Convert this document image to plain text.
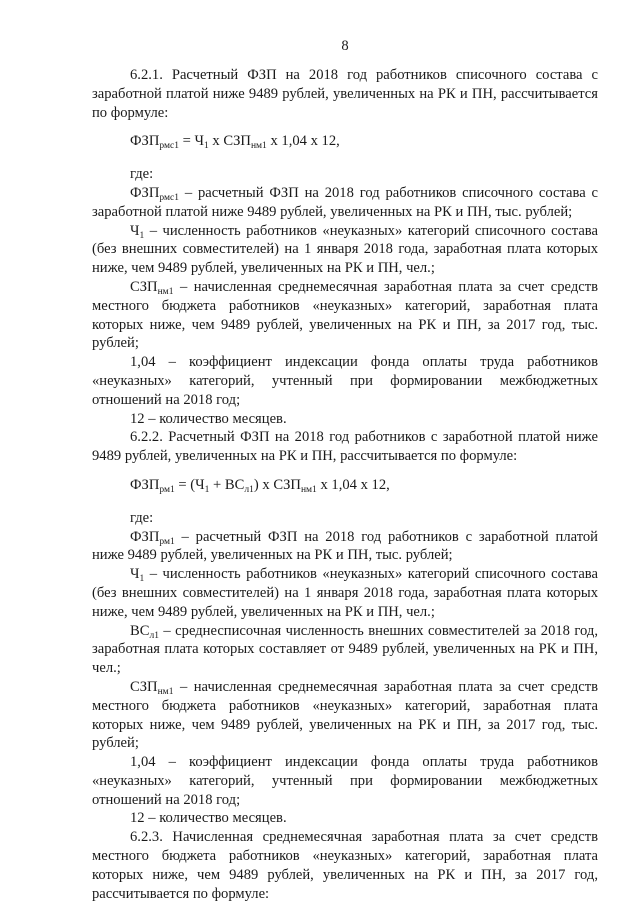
8

6.2.1. Расчетный ФЗП на 2018 год работников списочного состава с заработной платой ниже 9489 рублей, увеличенных на РК и ПН, рассчитывается по формуле:

$ФЗП_{рмс1} = Ч_1$ х $СЗП_{нм1}$ х 1,04 х 12,

где:

$ФЗП_{рмс1}$ – расчетный ФЗП на 2018 год работников списочного состава с заработной платой ниже 9489 рублей, увеличенных на РК и ПН, тыс. рублей;

$Ч_1$ – численность работников «неуказных» категорий списочного состава (без внешних совместителей) на 1 января 2018 года, заработная плата которых ниже, чем 9489 рублей, увеличенных на РК и ПН, чел.;

$СЗП_{нм1}$ – начисленная среднемесячная заработная плата за счет средств местного бюджета работников «неуказных» категорий, заработная плата которых ниже, чем 9489 рублей, увеличенных на РК и ПН, за 2017 год, тыс. рублей;

1,04 – коэффициент индексации фонда оплаты труда работников «неуказных» категорий, учтенный при формировании межбюджетных отношений на 2018 год;

12 – количество месяцев.

6.2.2. Расчетный ФЗП на 2018 год работников с заработной платой ниже 9489 рублей, увеличенных на РК и ПН, рассчитывается по формуле:

$ФЗП_{рм1} = (Ч_1 + ВС_{л1})$ х $СЗП_{нм1}$ х 1,04 х 12,

где:

$ФЗП_{рм1}$ – расчетный ФЗП на 2018 год работников с заработной платой ниже 9489 рублей, увеличенных на РК и ПН, тыс. рублей;

$Ч_1$ – численность работников «неуказных» категорий списочного состава (без внешних совместителей) на 1 января 2018 года, заработная плата которых ниже, чем 9489 рублей, увеличенных на РК и ПН, чел.;

$ВС_{л1}$ – среднесписочная численность внешних совместителей за 2018 год, заработная плата которых составляет от 9489 рублей, увеличенных на РК и ПН, чел.;

$СЗП_{нм1}$ – начисленная среднемесячная заработная плата за счет средств местного бюджета работников «неуказных» категорий, заработная плата которых ниже, чем 9489 рублей, увеличенных на РК и ПН, за 2017 год, тыс. рублей;

1,04 – коэффициент индексации фонда оплаты труда работников «неуказных» категорий, учтенный при формировании межбюджетных отношений на 2018 год;

12 – количество месяцев.

6.2.3. Начисленная среднемесячная заработная плата за счет средств местного бюджета работников «неуказных» категорий, заработная плата которых ниже, чем 9489 рублей, увеличенных на РК и ПН, за 2017 год, рассчитывается по формуле:
